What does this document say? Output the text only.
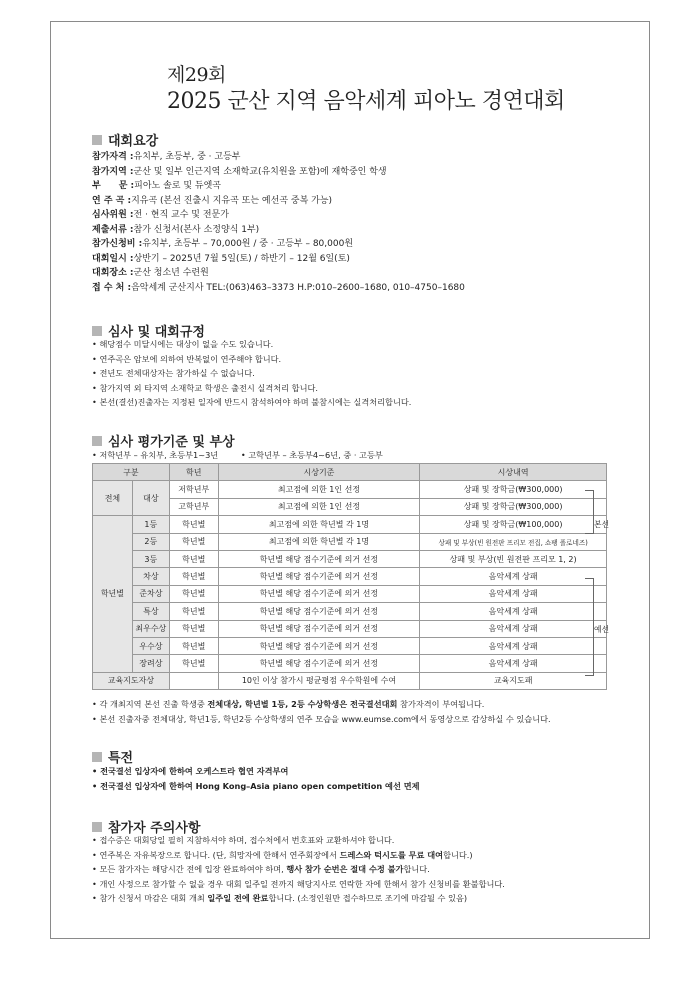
제29회
2025 군산 지역 음악세계 피아노 경연대회
대회요강
참가자격 : 유치부, 초등부, 중 · 고등부
참가지역 : 군산 및 일부 인근지역 소재학교(유치원을 포함)에 재학중인 학생
부　　문 : 피아노 솔로 및 듀엣곡
연 주 곡 : 지유곡 (본선 진출시 지유곡 또는 예선곡 중복 가능)
심사위원 : 전 · 현직 교수 및 전문가
제출서류 : 참가 신청서(본사 소정양식 1부)
참가신청비 : 유치부, 초등부 – 70,000원 / 중 · 고등부 – 80,000원
대회일시 : 상반기 – 2025년 7월 5일(토) / 하반기 – 12월 6일(토)
대회장소 : 군산 청소년 수련원
접 수 처 : 음악세계 군산지사 TEL:(063)463–3373 H.P:010–2600–1680, 010–4750–1680
심사 및 대회규정
• 해당점수 미달시에는 대상이 없을 수도 있습니다.
• 연주곡은 암보에 의하여 반복없이 연주해야 합니다.
• 전년도 전체대상자는 참가하실 수 없습니다.
• 참가지역 외 타지역 소재학교 학생은 출전시 실격처리 합니다.
• 본선(결선)진출자는 지정된 일자에 반드시 참석하여야 하며 불참시에는 실격처리합니다.
심사 평가기준 및 부상
• 저학년부 – 유치부, 초등부1~3년	• 고학년부 – 초등부4~6년, 중 · 고등부
구분		학년	시상기준	시상내역
전체	대상	저학년부	최고점에 의한 1인 선정	상패 및 장학금(₩300,000)
		고학년부	최고점에 의한 1인 선정	상패 및 장학금(₩300,000)
학년별	1등	학년별	최고점에 의한 학년별 각 1명	상패 및 장학금(₩100,000)
	2등	학년별	최고점에 의한 학년별 각 1명	상패 및 부상(빈 원전판 프리모 전집, 쇼팽 폴로네즈)
	3등	학년별	학년별 해당 점수기준에 의거 선정	상패 및 부상(빈 원전판 프리모 1, 2)
	차상	학년별	학년별 해당 점수기준에 의거 선정	음악세계 상패
	준차상	학년별	학년별 해당 점수기준에 의거 선정	음악세계 상패
	특상	학년별	학년별 해당 점수기준에 의거 선정	음악세계 상패
	최우수상	학년별	학년별 해당 점수기준에 의거 선정	음악세계 상패
	우수상	학년별	학년별 해당 점수기준에 의거 선정	음악세계 상패
	장려상	학년별	학년별 해당 점수기준에 의거 선정	음악세계 상패
교육지도자상			10인 이상 참가시 평균평점 우수학원에 수여	교육지도패
본선
예선
• 각 개최지역 본선 진출 학생중 전체대상, 학년별 1등, 2등 수상학생은 전국결선대회 참가자격이 부여됩니다.
• 본선 진출자중 전체대상, 학년1등, 학년2등 수상학생의 연주 모습을 www.eumse.com에서 동영상으로 감상하실 수 있습니다.
특전
• 전국결선 입상자에 한하여 오케스트라 협연 자격부여
• 전국결선 입상자에 한하여 Hong Kong–Asia piano open competition 예선 면제
참가자 주의사항
• 접수증은 대회당일 필히 지참하셔야 하며, 접수처에서 번호표와 교환하셔야 합니다.
• 연주복은 자유복장으로 합니다. (단, 희망자에 한해서 연주회장에서 드레스와 턱시도를 무료 대여합니다.)
• 모든 참가자는 해당시간 전에 입장 완료하여야 하며, 행사 참가 순번은 절대 수정 불가합니다.
• 개인 사정으로 참가할 수 없을 경우 대회 일주일 전까지 해당지사로 연락한 자에 한해서 참가 신청비를 환불합니다.
• 참가 신청서 마감은 대회 개최 일주일 전에 완료합니다. (소정인원만 접수하므로 조기에 마감될 수 있음)
